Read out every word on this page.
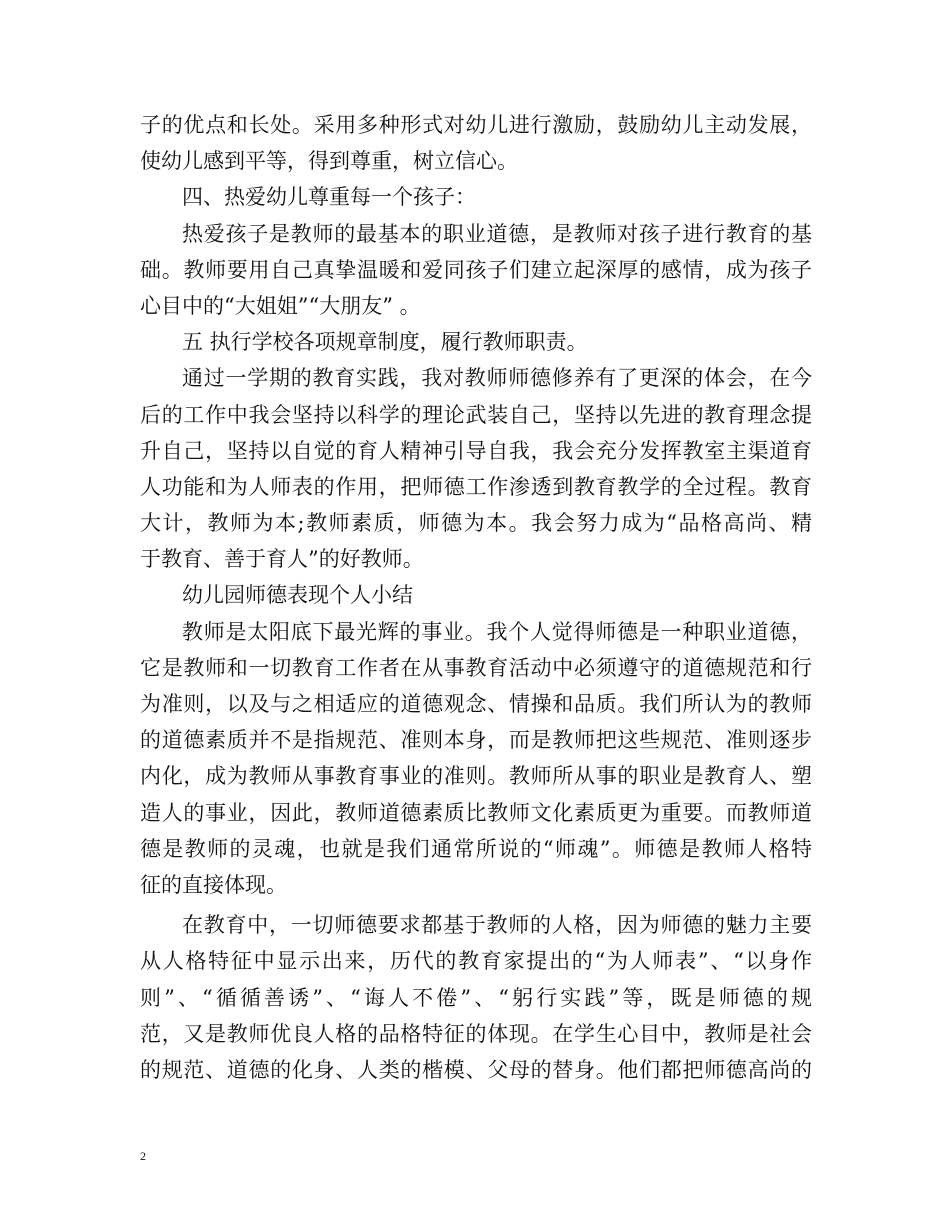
子的优点和长处。采用多种形式对幼儿进行激励，鼓励幼儿主动发展，
使幼儿感到平等，得到尊重，树立信心。
四、热爱幼儿尊重每一个孩子：
热爱孩子是教师的最基本的职业道德，是教师对孩子进行教育的基
础。教师要用自己真挚温暖和爱同孩子们建立起深厚的感情，成为孩子
心目中的“大姐姐”“大朋友” 。
五 执行学校各项规章制度，履行教师职责。
通过一学期的教育实践，我对教师师德修养有了更深的体会，在今
后的工作中我会坚持以科学的理论武装自己，坚持以先进的教育理念提
升自己，坚持以自觉的育人精神引导自我，我会充分发挥教室主渠道育
人功能和为人师表的作用，把师德工作渗透到教育教学的全过程。教育
大计，教师为本;教师素质，师德为本。我会努力成为“品格高尚、精
于教育、善于育人”的好教师。
幼儿园师德表现个人小结
教师是太阳底下最光辉的事业。我个人觉得师德是一种职业道德，
它是教师和一切教育工作者在从事教育活动中必须遵守的道德规范和行
为准则，以及与之相适应的道德观念、情操和品质。我们所认为的教师
的道德素质并不是指规范、准则本身，而是教师把这些规范、准则逐步
内化，成为教师从事教育事业的准则。教师所从事的职业是教育人、塑
造人的事业，因此，教师道德素质比教师文化素质更为重要。而教师道
德是教师的灵魂，也就是我们通常所说的“师魂”。师德是教师人格特
征的直接体现。
在教育中，一切师德要求都基于教师的人格，因为师德的魅力主要
从人格特征中显示出来，历代的教育家提出的“为人师表”、“以身作
则”、“循循善诱”、“诲人不倦”、“躬行实践”等，既是师德的规
范，又是教师优良人格的品格特征的体现。在学生心目中，教师是社会
的规范、道德的化身、人类的楷模、父母的替身。他们都把师德高尚的
2
